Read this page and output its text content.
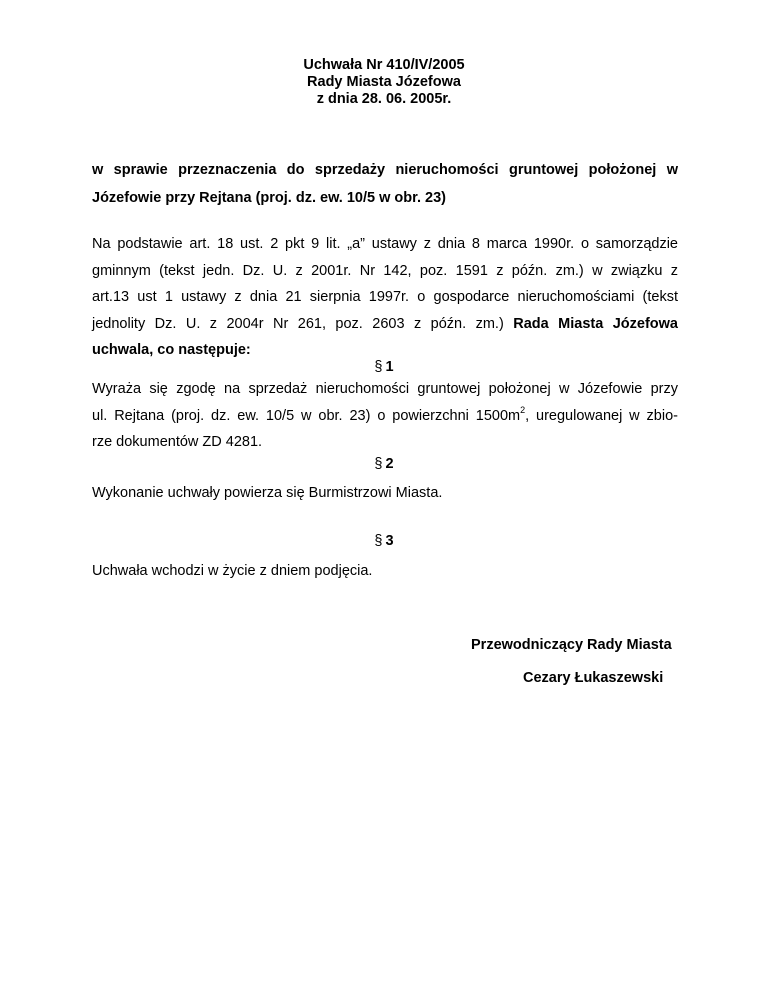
Uchwała Nr 410/IV/2005
Rady Miasta Józefowa
z dnia 28. 06. 2005r.
w sprawie przeznaczenia do sprzedaży nieruchomości gruntowej położonej w
Józefowie przy Rejtana (proj. dz. ew. 10/5 w obr. 23)
Na podstawie art. 18 ust. 2 pkt 9 lit. „a” ustawy z dnia 8 marca 1990r. o samorządzie
gminnym (tekst jedn. Dz. U. z 2001r. Nr 142, poz. 1591 z późn. zm.) w związku z
art.13 ust 1 ustawy z dnia 21 sierpnia 1997r. o gospodarce nieruchomościami (tekst
jednolity Dz. U. z 2004r Nr 261, poz. 2603 z późn. zm.) Rada Miasta Józefowa
uchwala, co następuje:
§ 1
Wyraża się zgodę na sprzedaż nieruchomości gruntowej położonej w Józefowie przy
ul. Rejtana (proj. dz. ew. 10/5 w obr. 23) o powierzchni $1500m^2$, uregulowanej w zbio-
rze dokumentów ZD 4281.
§ 2
Wykonanie uchwały powierza się Burmistrzowi Miasta.
§ 3
Uchwała wchodzi w życie z dniem podjęcia.
Przewodniczący Rady Miasta
Cezary Łukaszewski
